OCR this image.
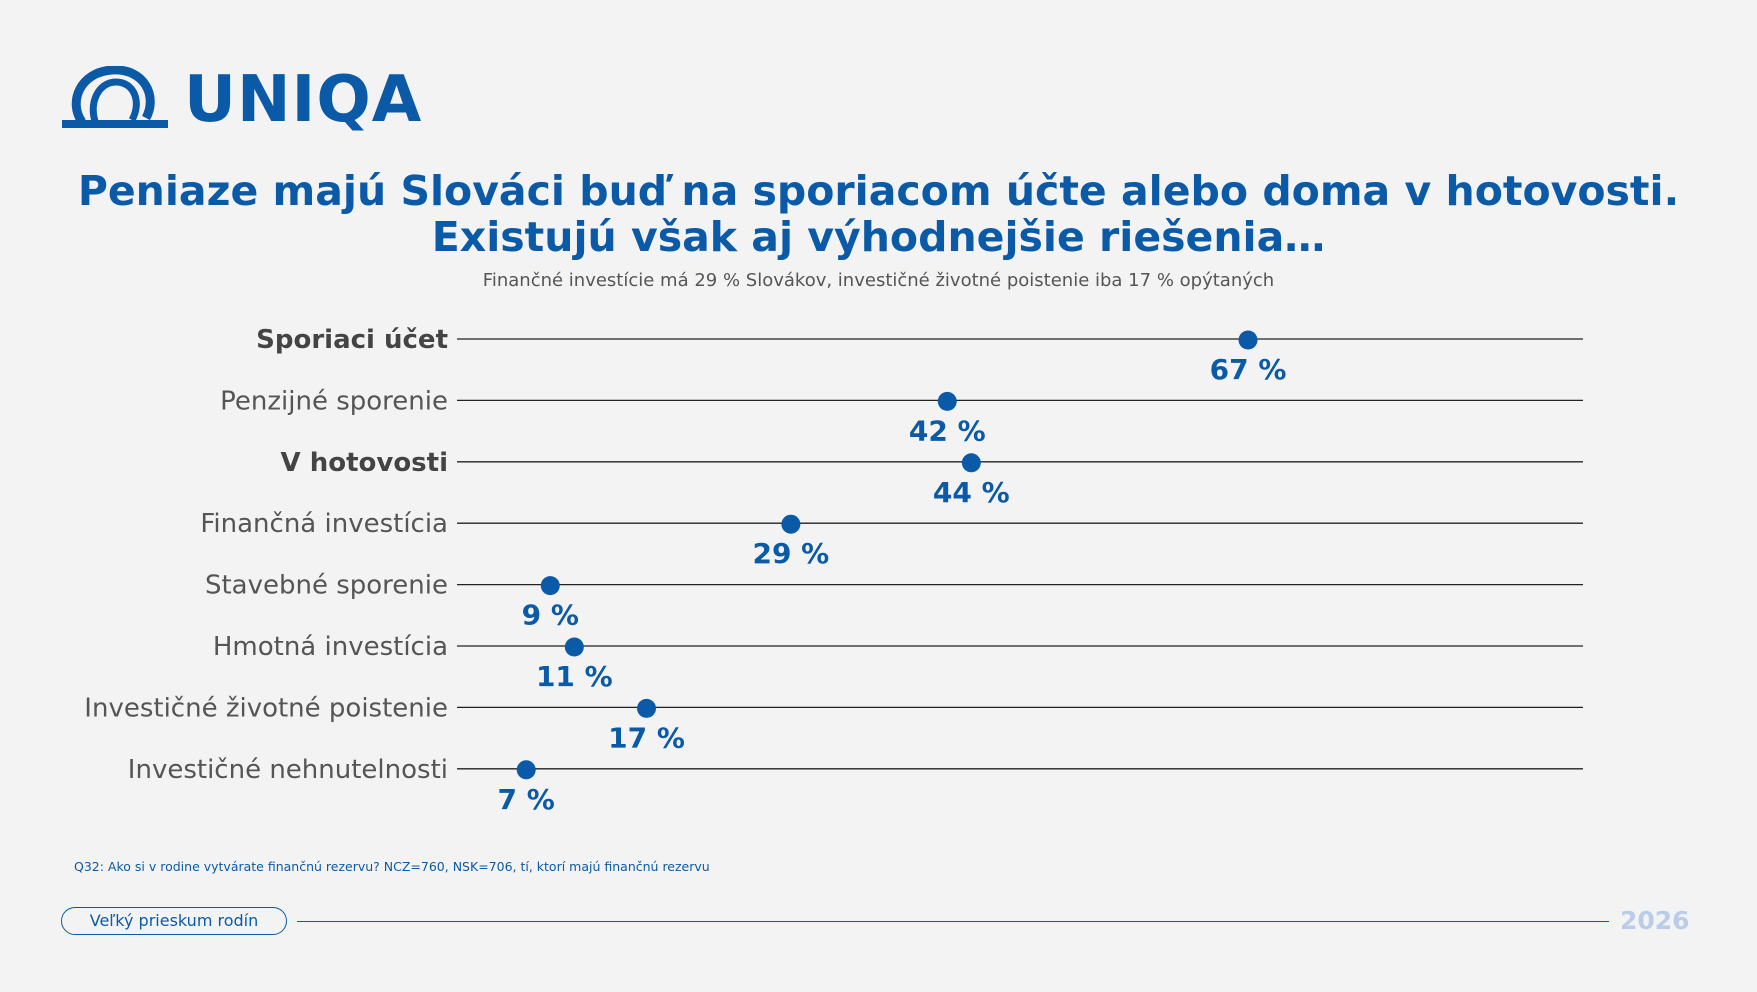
UNIQA
Peniaze majú Slováci buď na sporiacom účte alebo doma v hotovosti.
Existujú však aj výhodnejšie riešenia…
Finančné investície má 29 % Slovákov, investičné životné poistenie iba 17 % opýtaných
Sporiaci účet
67 %
Penzijné sporenie
42 %
V hotovosti
44 %
Finančná investícia
29 %
Stavebné sporenie
9 %
Hmotná investícia
11 %
Investičné životné poistenie
17 %
Investičné nehnutelnosti
7 %
Q32: Ako si v rodine vytvárate finančnú rezervu? NCZ=760, NSK=706, tí, ktorí majú finančnú rezervu
Veľký prieskum rodín	2026
